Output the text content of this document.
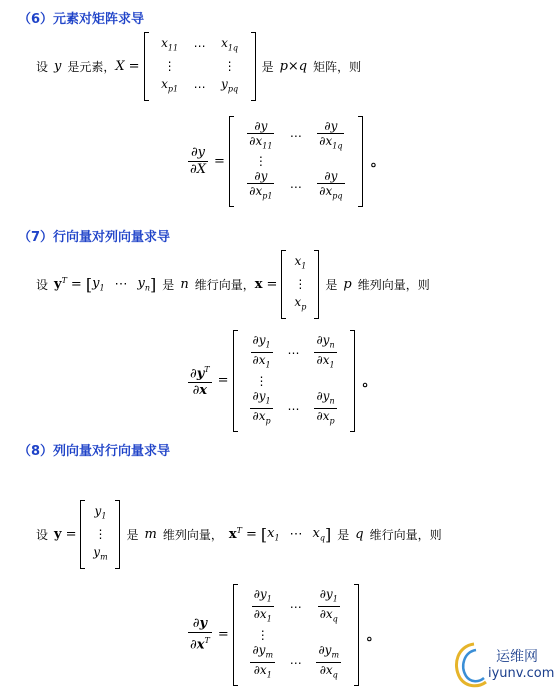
（6）元素对矩阵求导
设 y 是元素， X =
$x_{11}$ ⋯ $x_{1q}$
⋮	⋮
$x_{p1}$ ⋯ $y_{pq}$
是 p×q 矩阵，则
$\frac{\partial y}{\partial X}$ =
$\frac{\partial y}{\partial x_{11}}$ ⋯ $\frac{\partial y}{\partial x_{1q}}$
⋮
$\frac{\partial y}{\partial x_{p1}}$ ⋯ $\frac{\partial y}{\partial x_{pq}}$
。
（7）行向量对列向量求导
设 $y^T$ = [ $y_1$ ⋯ $y_n$ ] 是 n 维行向量， x =
$x_1$
⋮
$x_p$
是 p 维列向量，则
$\frac{\partial y^T}{\partial x}$ =
$\frac{\partial y_1}{\partial x_1}$ ⋯ $\frac{\partial y_n}{\partial x_1}$
⋮
$\frac{\partial y_1}{\partial x_p}$ ⋯ $\frac{\partial y_n}{\partial x_p}$
。
（8）列向量对行向量求导
设 y =
$y_1$
⋮
$y_m$
是 m 维列向量， $x^T$ = [ $x_1$ ⋯ $x_q$ ] 是 q 维行向量，则
$\frac{\partial y}{\partial x^T}$ =
$\frac{\partial y_1}{\partial x_1}$ ⋯ $\frac{\partial y_1}{\partial x_q}$
⋮
$\frac{\partial y_m}{\partial x_1}$ ⋯ $\frac{\partial y_m}{\partial x_q}$
。
运维网
iyunv.com
